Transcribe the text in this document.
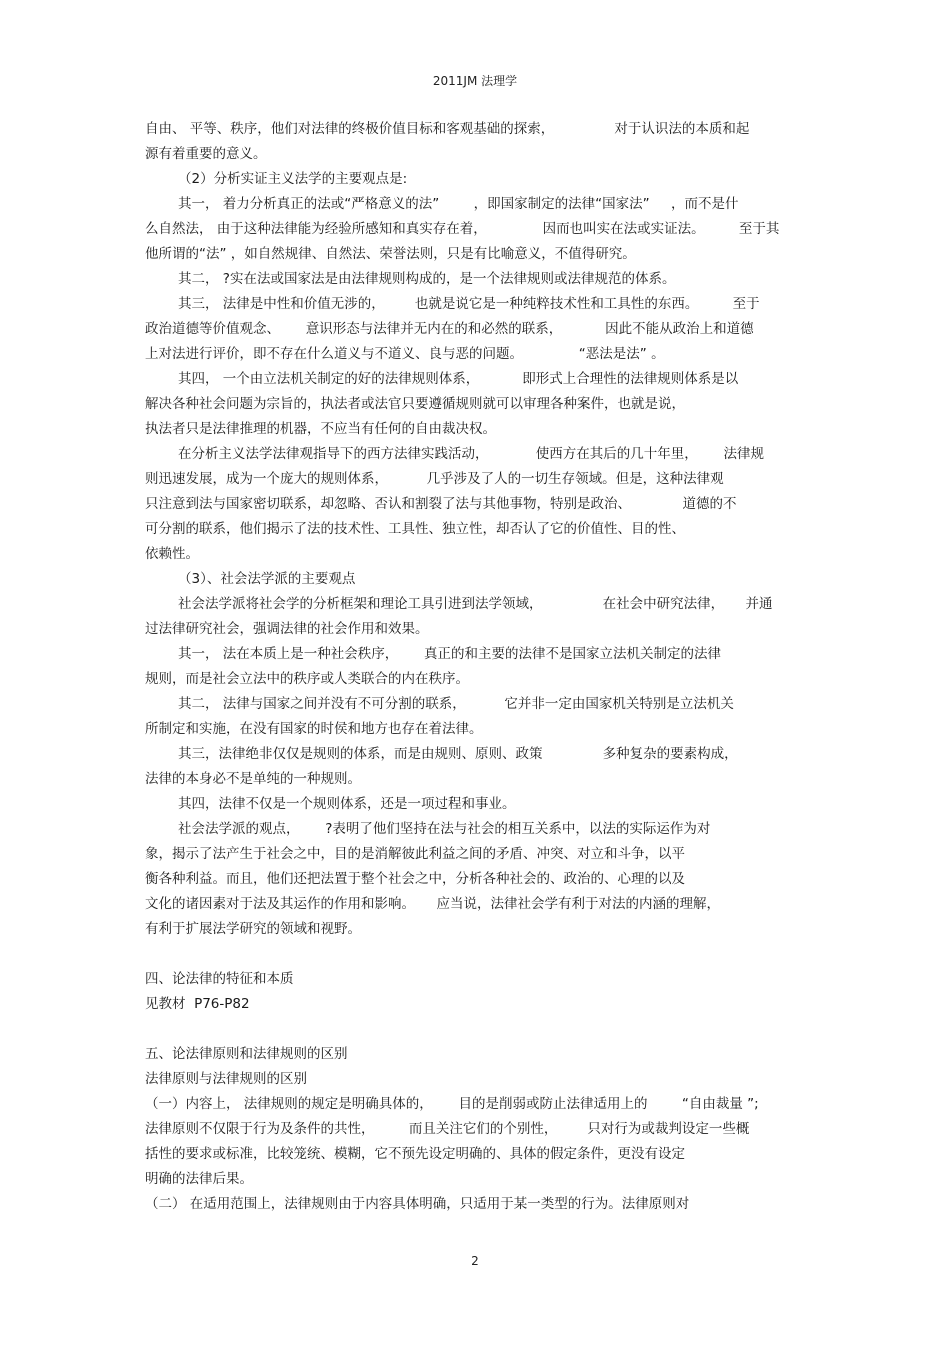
2011JM 法理学
自由、 平等、秩序，他们对法律的终极价值目标和客观基础的探索，              对于认识法的本质和起
源有着重要的意义。
（2）分析实证主义法学的主要观点是:
其一， 着力分析真正的法或“严格意义的法”        ，即国家制定的法律“国家法”     ，而不是什
么自然法， 由于这种法律能为经验所感知和真实存在着，             因而也叫实在法或实证法。        至于其
他所谓的“法” ，如自然规律、自然法、荣誉法则，只是有比喻意义，不值得研究。
其二， ?实在法或国家法是由法律规则构成的，是一个法律规则或法律规范的体系。
其三， 法律是中性和价值无涉的，       也就是说它是一种纯粹技术性和工具性的东西。        至于
政治道德等价值观念、      意识形态与法律并无内在的和必然的联系，          因此不能从政治上和道德
上对法进行评价，即不存在什么道义与不道义、良与恶的问题。             “恶法是法” 。
其四， 一个由立法机关制定的好的法律规则体系，          即形式上合理性的法律规则体系是以
解决各种社会问题为宗旨的，执法者或法官只要遵循规则就可以审理各种案件，也就是说，
执法者只是法律推理的机器，不应当有任何的自由裁决权。
在分析主义法学法律观指导下的西方法律实践活动，           使西方在其后的几十年里，      法律规
则迅速发展，成为一个庞大的规则体系，         几乎涉及了人的一切生存领域。但是，这种法律观
只注意到法与国家密切联系，却忽略、否认和割裂了法与其他事物，特别是政治、            道德的不
可分割的联系，他们揭示了法的技术性、工具性、独立性，却否认了它的价值性、目的性、
依赖性。
（3）、社会法学派的主要观点
社会法学派将社会学的分析框架和理论工具引进到法学领域，              在社会中研究法律，     并通
过法律研究社会，强调法律的社会作用和效果。
其一， 法在本质上是一种社会秩序，      真正的和主要的法律不是国家立法机关制定的法律
规则，而是社会立法中的秩序或人类联合的内在秩序。
其二， 法律与国家之间并没有不可分割的联系，         它并非一定由国家机关特别是立法机关
所制定和实施，在没有国家的时侯和地方也存在着法律。
其三，法律绝非仅仅是规则的体系，而是由规则、原则、政策              多种复杂的要素构成，
法律的本身必不是单纯的一种规则。
其四，法律不仅是一个规则体系，还是一项过程和事业。
社会法学派的观点，      ?表明了他们坚持在法与社会的相互关系中，以法的实际运作为对
象，揭示了法产生于社会之中，目的是消解彼此利益之间的矛盾、冲突、对立和斗争，以平
衡各种利益。而且，他们还把法置于整个社会之中，分析各种社会的、政治的、心理的以及
文化的诸因素对于法及其运作的作用和影响。     应当说，法律社会学有利于对法的内涵的理解，
有利于扩展法学研究的领域和视野。
四、论法律的特征和本质
见教材  P76-P82
五、论法律原则和法律规则的区别
法律原则与法律规则的区别
（一）内容上， 法律规则的规定是明确具体的，      目的是削弱或防止法律适用上的        “自由裁量 ”;
法律原则不仅限于行为及条件的共性，        而且关注它们的个别性，       只对行为或裁判设定一些概
括性的要求或标准，比较笼统、模糊，它不预先设定明确的、具体的假定条件，更没有设定
明确的法律后果。
（二） 在适用范围上，法律规则由于内容具体明确，只适用于某一类型的行为。法律原则对
2
